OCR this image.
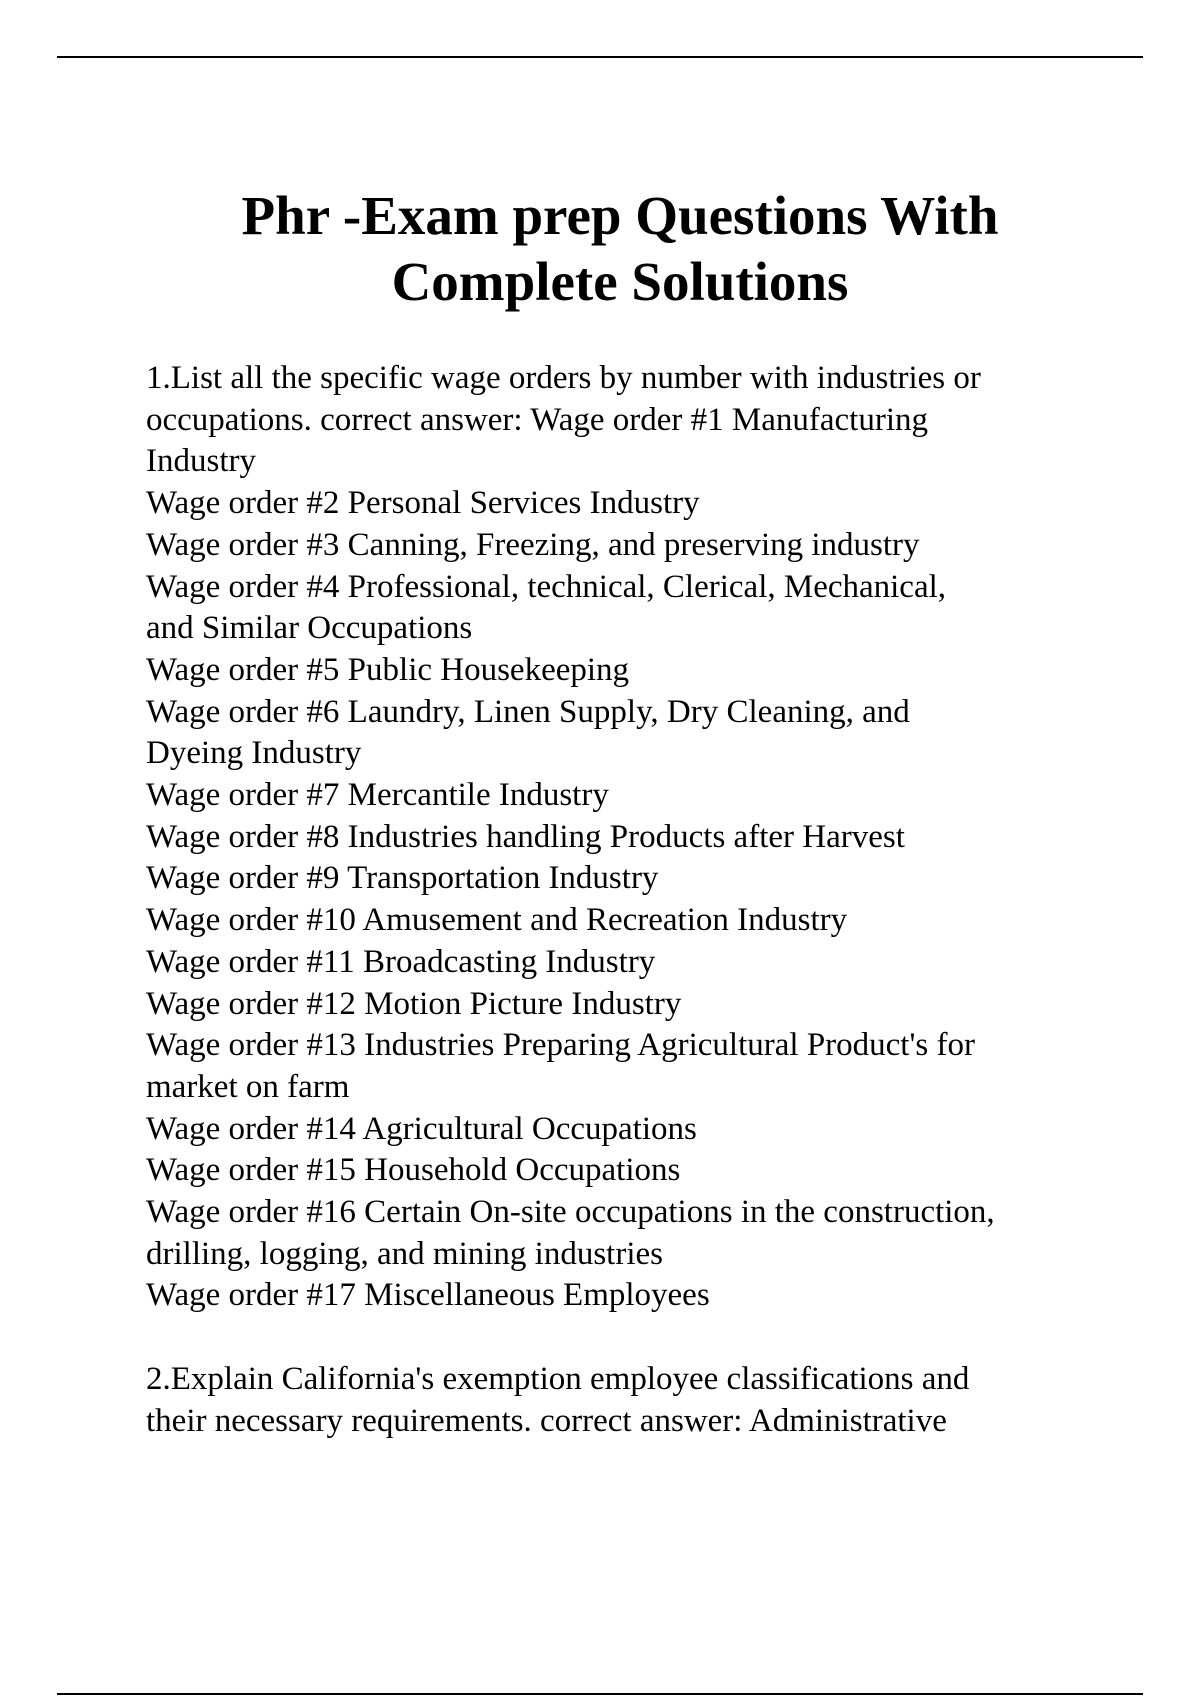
Phr -Exam prep Questions With
Complete Solutions
1.List all the specific wage orders by number with industries or
occupations. correct answer: Wage order #1 Manufacturing
Industry
Wage order #2 Personal Services Industry
Wage order #3 Canning, Freezing, and preserving industry
Wage order #4 Professional, technical, Clerical, Mechanical,
and Similar Occupations
Wage order #5 Public Housekeeping
Wage order #6 Laundry, Linen Supply, Dry Cleaning, and
Dyeing Industry
Wage order #7 Mercantile Industry
Wage order #8 Industries handling Products after Harvest
Wage order #9 Transportation Industry
Wage order #10 Amusement and Recreation Industry
Wage order #11 Broadcasting Industry
Wage order #12 Motion Picture Industry
Wage order #13 Industries Preparing Agricultural Product's for
market on farm
Wage order #14 Agricultural Occupations
Wage order #15 Household Occupations
Wage order #16 Certain On-site occupations in the construction,
drilling, logging, and mining industries
Wage order #17 Miscellaneous Employees
2.Explain California's exemption employee classifications and
their necessary requirements. correct answer: Administrative
